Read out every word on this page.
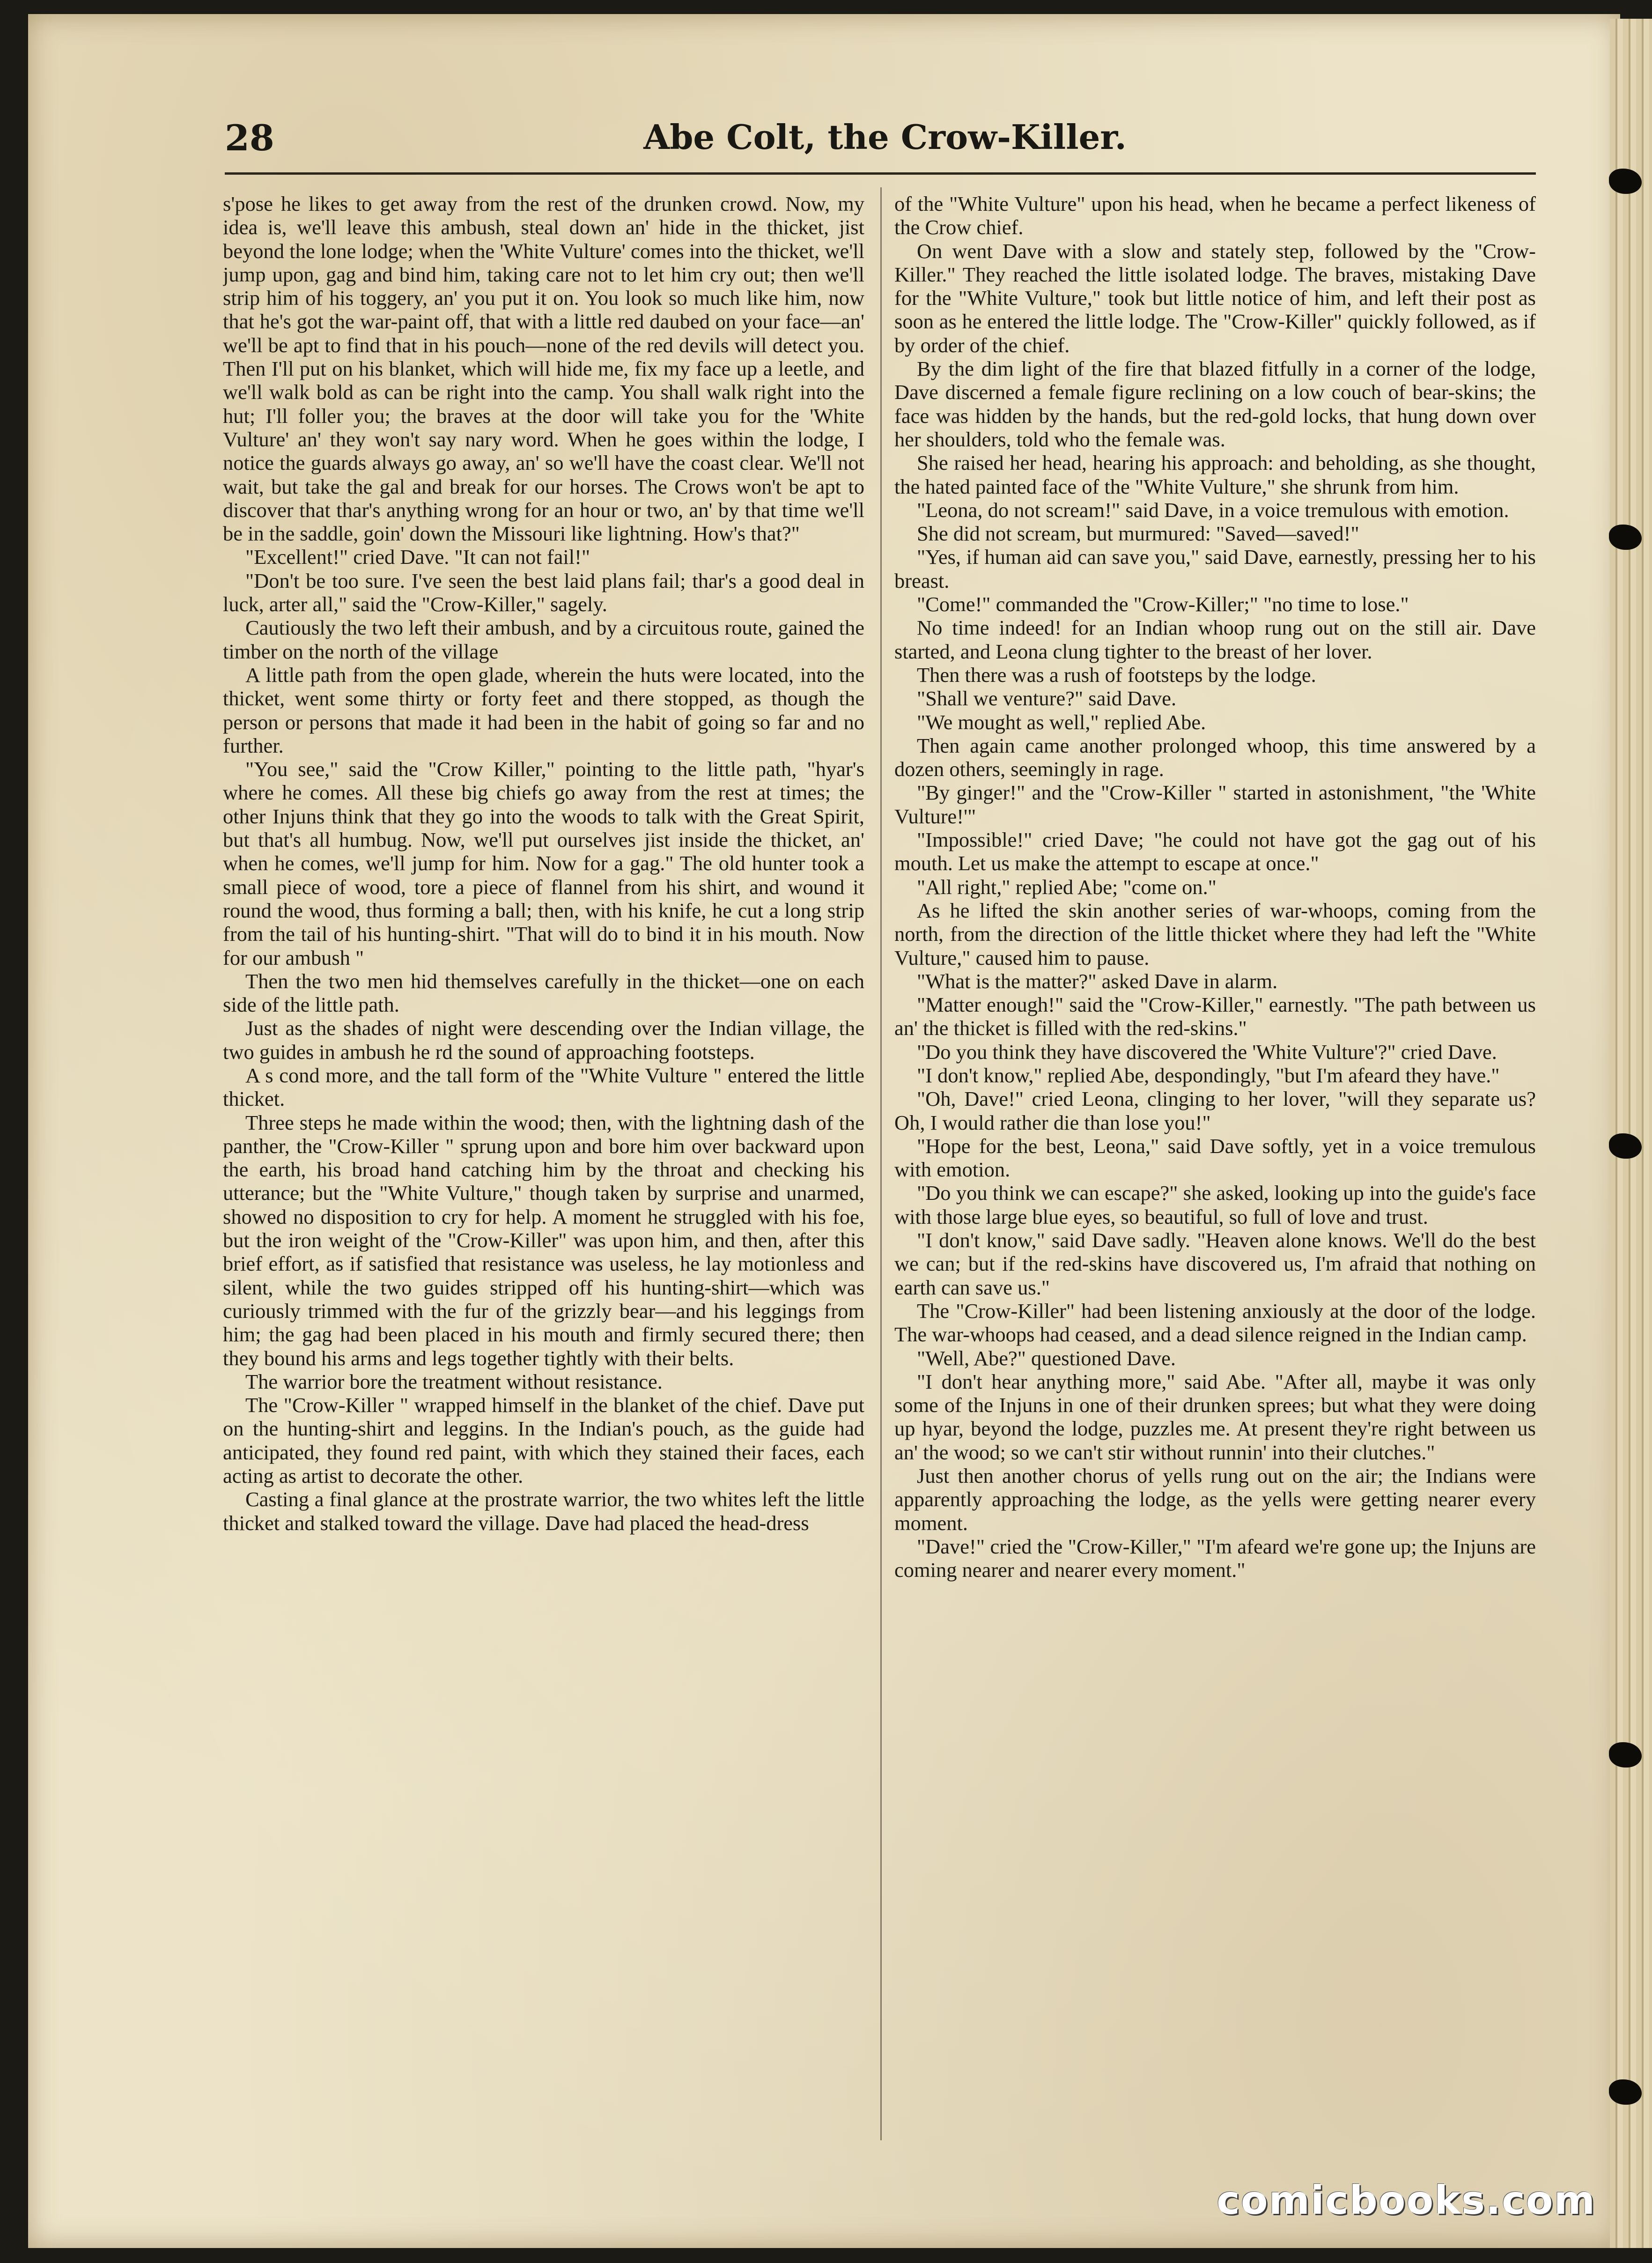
28	Abe Colt, the Crow-Killer.

s'pose he likes to get away from the rest of the drunken crowd. Now, my idea is, we'll leave this ambush, steal down an' hide in the thicket, jist beyond the lone lodge; when the 'White Vulture' comes into the thicket, we'll jump upon, gag and bind him, taking care not to let him cry out; then we'll strip him of his toggery, an' you put it on. You look so much like him, now that he's got the war-paint off, that with a little red daubed on your face—an' we'll be apt to find that in his pouch—none of the red devils will detect you. Then I'll put on his blanket, which will hide me, fix my face up a leetle, and we'll walk bold as can be right into the camp. You shall walk right into the hut; I'll foller you; the braves at the door will take you for the 'White Vulture' an' they won't say nary word. When he goes within the lodge, I notice the guards always go away, an' so we'll have the coast clear. We'll not wait, but take the gal and break for our horses. The Crows won't be apt to discover that thar's anything wrong for an hour or two, an' by that time we'll be in the saddle, goin' down the Missouri like lightning. How's that?"

"Excellent!" cried Dave. "It can not fail!"

"Don't be too sure. I've seen the best laid plans fail; thar's a good deal in luck, arter all," said the "Crow-Killer," sagely.

Cautiously the two left their ambush, and by a circuitous route, gained the timber on the north of the village

A little path from the open glade, wherein the huts were located, into the thicket, went some thirty or forty feet and there stopped, as though the person or persons that made it had been in the habit of going so far and no further.

"You see," said the "Crow Killer," pointing to the little path, "hyar's where he comes. All these big chiefs go away from the rest at times; the other Injuns think that they go into the woods to talk with the Great Spirit, but that's all humbug. Now, we'll put ourselves jist inside the thicket, an' when he comes, we'll jump for him. Now for a gag." The old hunter took a small piece of wood, tore a piece of flannel from his shirt, and wound it round the wood, thus forming a ball; then, with his knife, he cut a long strip from the tail of his hunting-shirt. "That will do to bind it in his mouth. Now for our ambush "

Then the two men hid themselves carefully in the thicket—one on each side of the little path.

Just as the shades of night were descending over the Indian village, the two guides in ambush he rd the sound of approaching footsteps.

A s cond more, and the tall form of the "White Vulture " entered the little thicket.

Three steps he made within the wood; then, with the lightning dash of the panther, the "Crow-Killer " sprung upon and bore him over backward upon the earth, his broad hand catching him by the throat and checking his utterance; but the "White Vulture," though taken by surprise and unarmed, showed no disposition to cry for help. A moment he struggled with his foe, but the iron weight of the "Crow-Killer" was upon him, and then, after this brief effort, as if satisfied that resistance was useless, he lay motionless and silent, while the two guides stripped off his hunting-shirt—which was curiously trimmed with the fur of the grizzly bear—and his leggings from him; the gag had been placed in his mouth and firmly secured there; then they bound his arms and legs together tightly with their belts.

The warrior bore the treatment without resistance.

The "Crow-Killer " wrapped himself in the blanket of the chief. Dave put on the hunting-shirt and leggins. In the Indian's pouch, as the guide had anticipated, they found red paint, with which they stained their faces, each acting as artist to decorate the other.

Casting a final glance at the prostrate warrior, the two whites left the little thicket and stalked toward the village. Dave had placed the head-dress

of the "White Vulture" upon his head, when he became a perfect likeness of the Crow chief.

On went Dave with a slow and stately step, followed by the "Crow-Killer." They reached the little isolated lodge. The braves, mistaking Dave for the "White Vulture," took but little notice of him, and left their post as soon as he entered the little lodge. The "Crow-Killer" quickly followed, as if by order of the chief.

By the dim light of the fire that blazed fitfully in a corner of the lodge, Dave discerned a female figure reclining on a low couch of bear-skins; the face was hidden by the hands, but the red-gold locks, that hung down over her shoulders, told who the female was.

She raised her head, hearing his approach: and beholding, as she thought, the hated painted face of the "White Vulture," she shrunk from him.

"Leona, do not scream!" said Dave, in a voice tremulous with emotion.

She did not scream, but murmured: "Saved—saved!"

"Yes, if human aid can save you," said Dave, earnestly, pressing her to his breast.

"Come!" commanded the "Crow-Killer;" "no time to lose."

No time indeed! for an Indian whoop rung out on the still air. Dave started, and Leona clung tighter to the breast of her lover.

Then there was a rush of footsteps by the lodge.

"Shall we venture?" said Dave.

"We mought as well," replied Abe.

Then again came another prolonged whoop, this time answered by a dozen others, seemingly in rage.

"By ginger!" and the "Crow-Killer " started in astonishment, "the 'White Vulture!'"

"Impossible!" cried Dave; "he could not have got the gag out of his mouth. Let us make the attempt to escape at once."

"All right," replied Abe; "come on."

As he lifted the skin another series of war-whoops, coming from the north, from the direction of the little thicket where they had left the "White Vulture," caused him to pause.

"What is the matter?" asked Dave in alarm.

"Matter enough!" said the "Crow-Killer," earnestly. "The path between us an' the thicket is filled with the red-skins."

"Do you think they have discovered the 'White Vulture'?" cried Dave.

"I don't know," replied Abe, despondingly, "but I'm afeard they have."

"Oh, Dave!" cried Leona, clinging to her lover, "will they separate us? Oh, I would rather die than lose you!"

"Hope for the best, Leona," said Dave softly, yet in a voice tremulous with emotion.

"Do you think we can escape?" she asked, looking up into the guide's face with those large blue eyes, so beautiful, so full of love and trust.

"I don't know," said Dave sadly. "Heaven alone knows. We'll do the best we can; but if the red-skins have discovered us, I'm afraid that nothing on earth can save us."

The "Crow-Killer" had been listening anxiously at the door of the lodge. The war-whoops had ceased, and a dead silence reigned in the Indian camp.

"Well, Abe?" questioned Dave.

"I don't hear anything more," said Abe. "After all, maybe it was only some of the Injuns in one of their drunken sprees; but what they were doing up hyar, beyond the lodge, puzzles me. At present they're right between us an' the wood; so we can't stir without runnin' into their clutches."

Just then another chorus of yells rung out on the air; the Indians were apparently approaching the lodge, as the yells were getting nearer every moment.

"Dave!" cried the "Crow-Killer," "I'm afeard we're gone up; the Injuns are coming nearer and nearer every moment."

comicbooks.com
